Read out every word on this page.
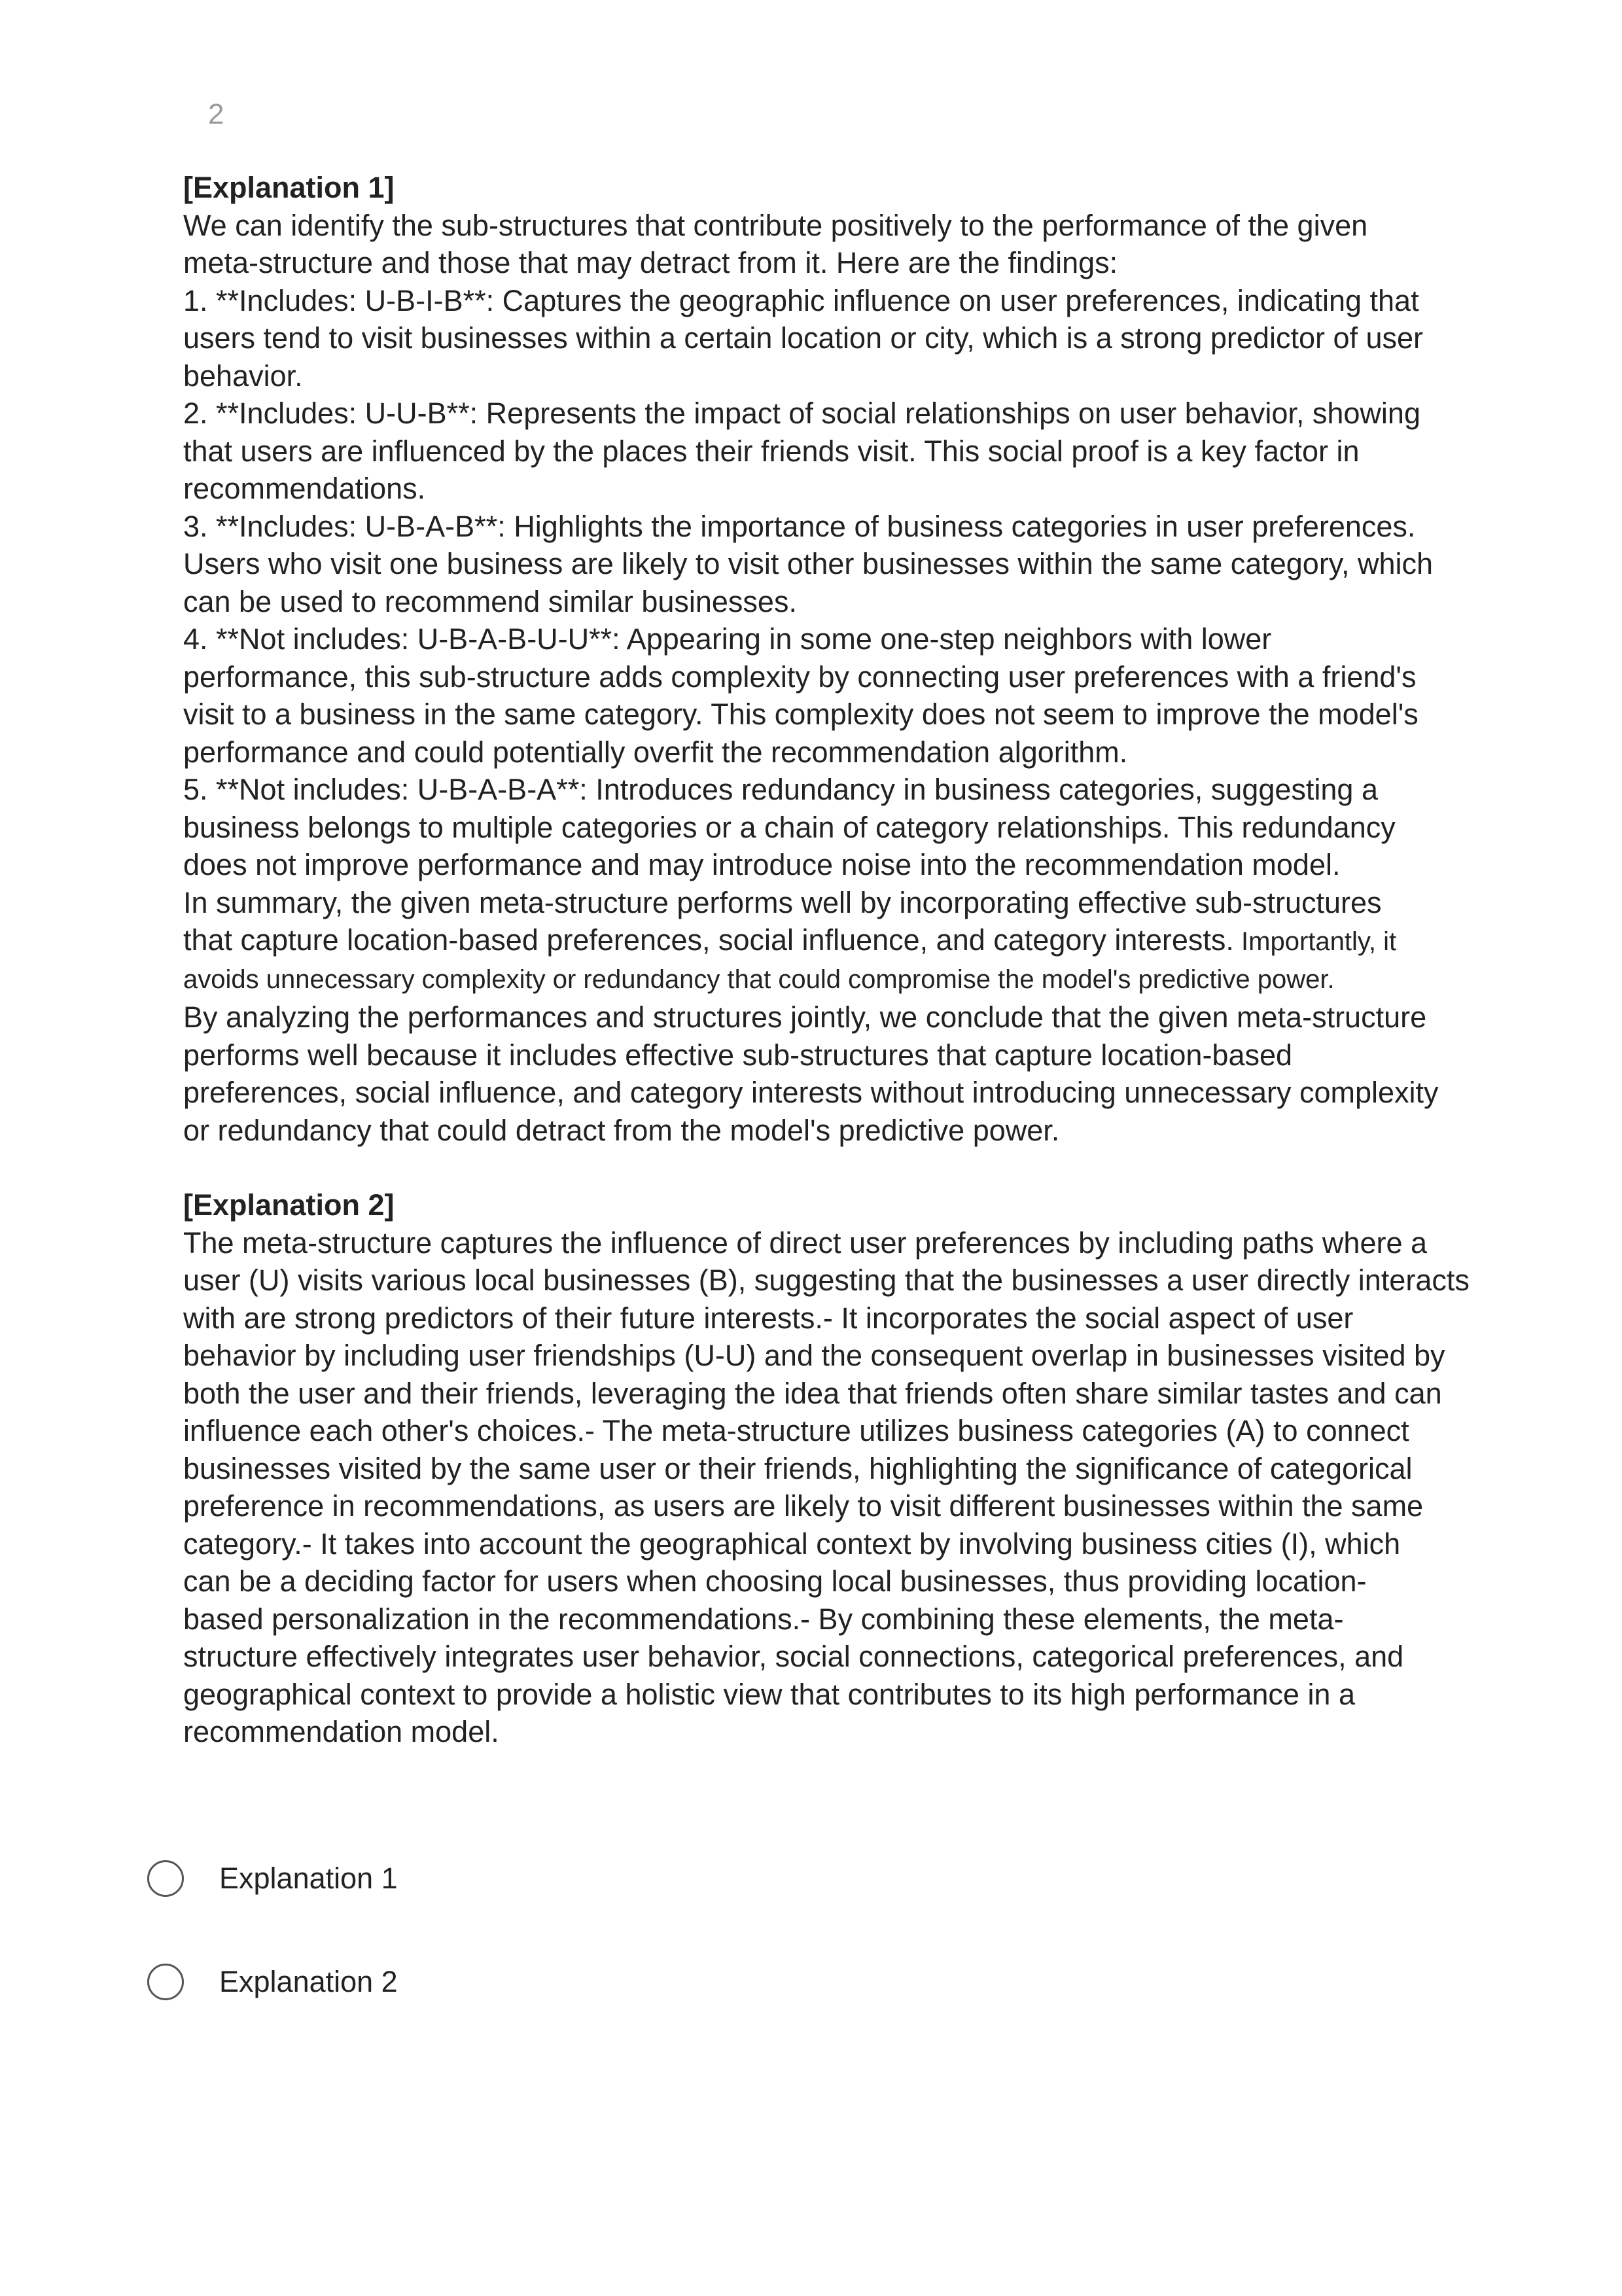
2
[Explanation 1]
We can identify the sub-structures that contribute positively to the performance of the given
meta-structure and those that may detract from it. Here are the findings:
1. **Includes: U-B-I-B**: Captures the geographic influence on user preferences, indicating that
users tend to visit businesses within a certain location or city, which is a strong predictor of user
behavior.
2. **Includes: U-U-B**: Represents the impact of social relationships on user behavior, showing
that users are influenced by the places their friends visit. This social proof is a key factor in
recommendations.
3. **Includes: U-B-A-B**: Highlights the importance of business categories in user preferences.
Users who visit one business are likely to visit other businesses within the same category, which
can be used to recommend similar businesses.
4. **Not includes: U-B-A-B-U-U**: Appearing in some one-step neighbors with lower
performance, this sub-structure adds complexity by connecting user preferences with a friend's
visit to a business in the same category. This complexity does not seem to improve the model's
performance and could potentially overfit the recommendation algorithm.
5. **Not includes: U-B-A-B-A**: Introduces redundancy in business categories, suggesting a
business belongs to multiple categories or a chain of category relationships. This redundancy
does not improve performance and may introduce noise into the recommendation model.
In summary, the given meta-structure performs well by incorporating effective sub-structures
that capture location-based preferences, social influence, and category interests. Importantly, it
avoids unnecessary complexity or redundancy that could compromise the model's predictive power.
By analyzing the performances and structures jointly, we conclude that the given meta-structure
performs well because it includes effective sub-structures that capture location-based
preferences, social influence, and category interests without introducing unnecessary complexity
or redundancy that could detract from the model's predictive power.
[Explanation 2]
The meta-structure captures the influence of direct user preferences by including paths where a
user (U) visits various local businesses (B), suggesting that the businesses a user directly interacts
with are strong predictors of their future interests.- It incorporates the social aspect of user
behavior by including user friendships (U-U) and the consequent overlap in businesses visited by
both the user and their friends, leveraging the idea that friends often share similar tastes and can
influence each other's choices.- The meta-structure utilizes business categories (A) to connect
businesses visited by the same user or their friends, highlighting the significance of categorical
preference in recommendations, as users are likely to visit different businesses within the same
category.- It takes into account the geographical context by involving business cities (I), which
can be a deciding factor for users when choosing local businesses, thus providing location-
based personalization in the recommendations.- By combining these elements, the meta-
structure effectively integrates user behavior, social connections, categorical preferences, and
geographical context to provide a holistic view that contributes to its high performance in a
recommendation model.
Explanation 1
Explanation 2
